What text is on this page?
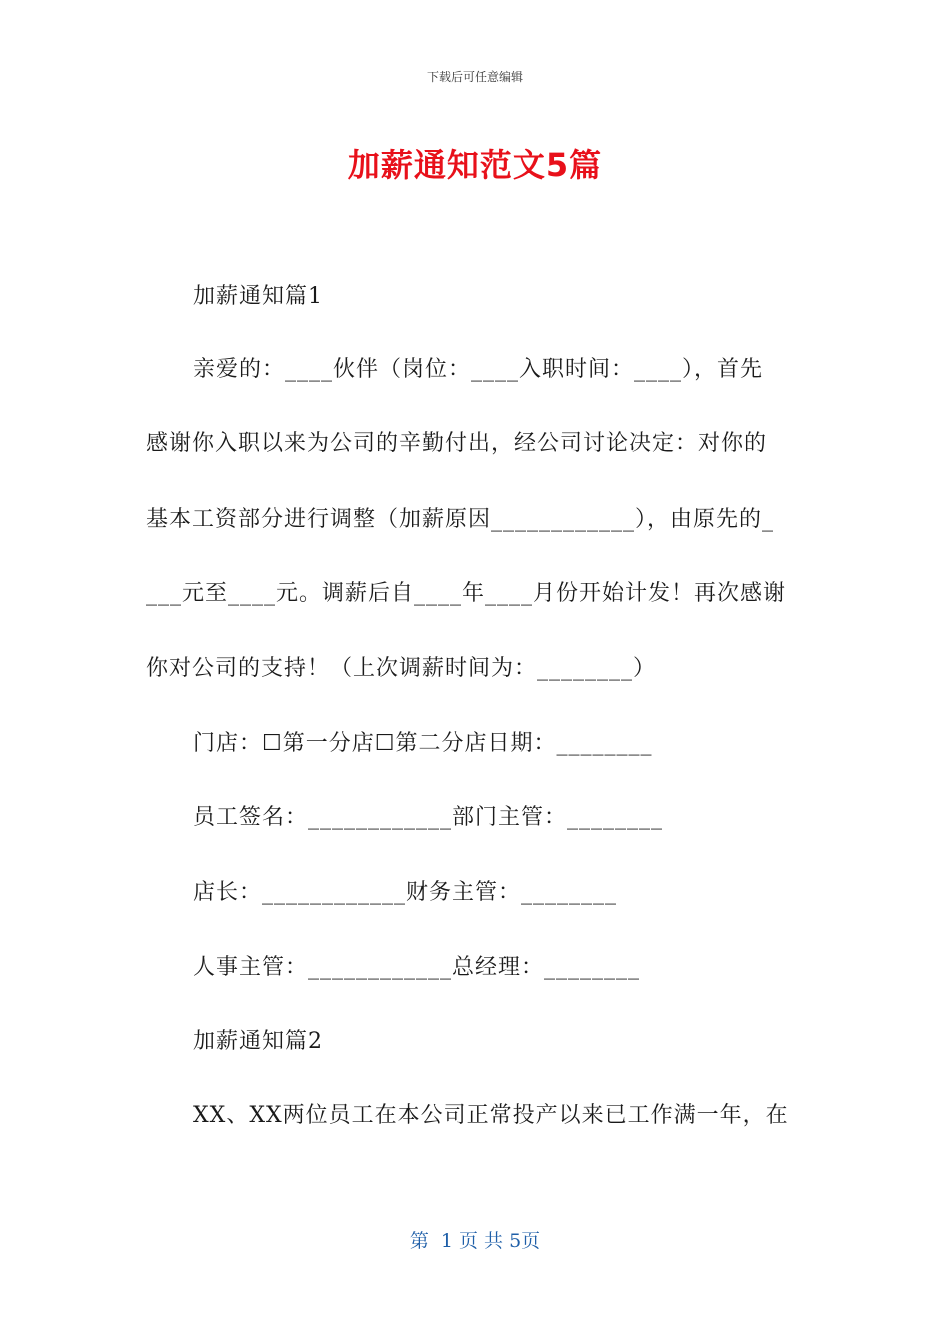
下载后可任意编辑
加薪通知范文5篇
加薪通知篇1
亲爱的：____伙伴（岗位：____入职时间：____），首先
感谢你入职以来为公司的辛勤付出，经公司讨论决定：对你的
基本工资部分进行调整（加薪原因____________），由原先的_
___元至____元。调薪后自____年____月份开始计发！再次感谢
你对公司的支持！（上次调薪时间为：________）
门店：☐第一分店☐第二分店日期：________
员工签名：____________部门主管：________
店长：____________财务主管：________
人事主管：____________总经理：________
加薪通知篇2
XX、XX两位员工在本公司正常投产以来已工作满一年，在
第  1 页 共 5页
